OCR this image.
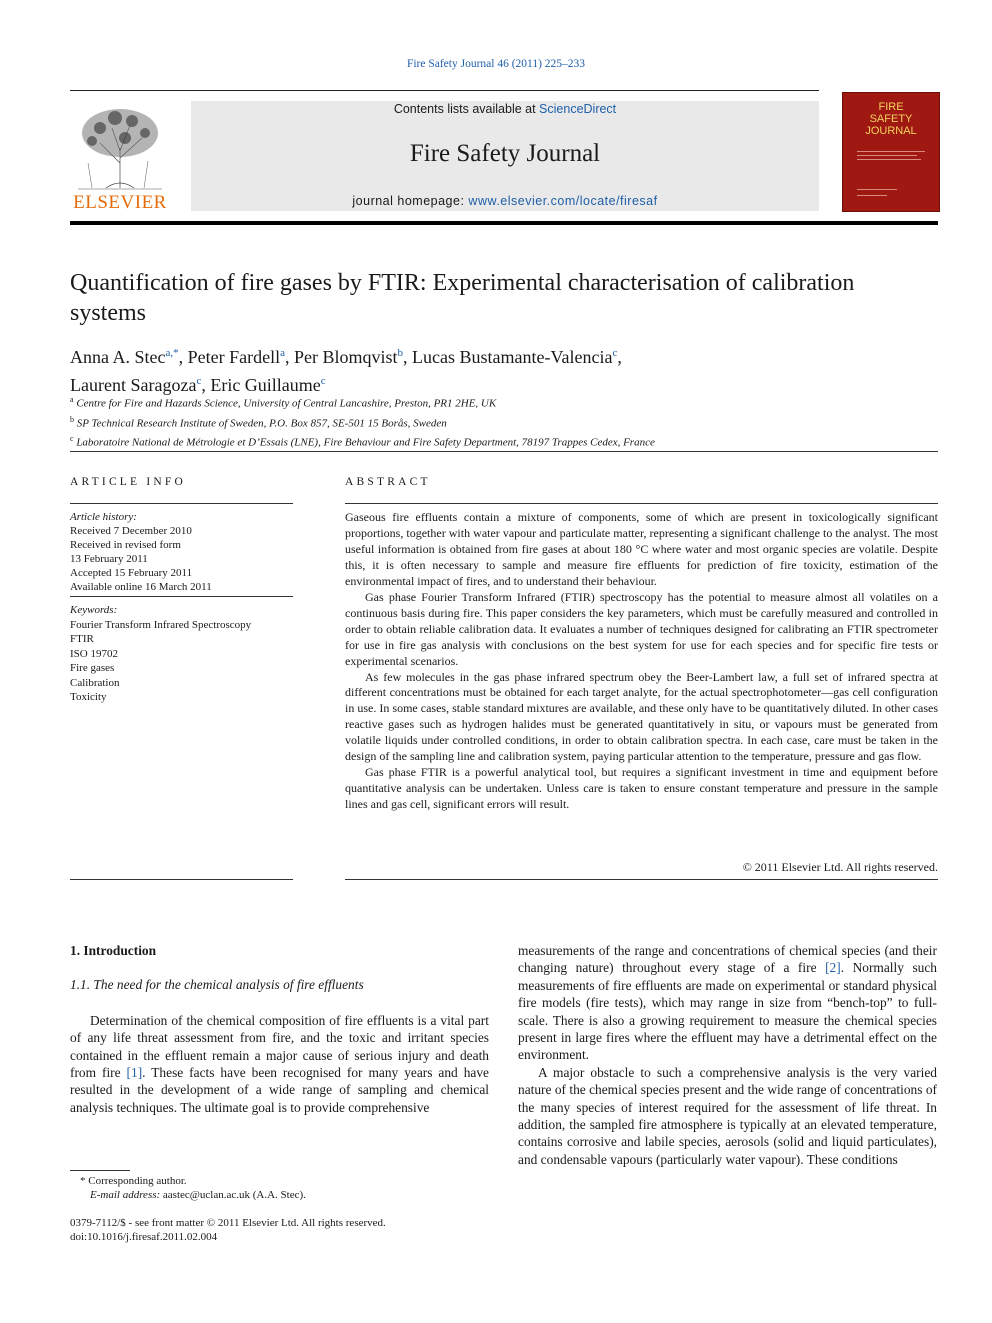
Fire Safety Journal 46 (2011) 225–233
Contents lists available at ScienceDirect
Fire Safety Journal
journal homepage: www.elsevier.com/locate/firesaf
ELSEVIER
FIRE SAFETY JOURNAL
Quantification of fire gases by FTIR: Experimental characterisation of calibration systems
Anna A. Stec$^{a,*}$, Peter Fardell$^a$, Per Blomqvist$^b$, Lucas Bustamante-Valencia$^c$,
Laurent Saragoza$^c$, Eric Guillaume$^c$
$^a$ Centre for Fire and Hazards Science, University of Central Lancashire, Preston, PR1 2HE, UK
$^b$ SP Technical Research Institute of Sweden, P.O. Box 857, SE-501 15 Borås, Sweden
$^c$ Laboratoire National de Métrologie et D’Essais (LNE), Fire Behaviour and Fire Safety Department, 78197 Trappes Cedex, France
ARTICLE INFO
Article history:
Received 7 December 2010
Received in revised form
13 February 2011
Accepted 15 February 2011
Available online 16 March 2011
Keywords:
Fourier Transform Infrared Spectroscopy
FTIR
ISO 19702
Fire gases
Calibration
Toxicity
ABSTRACT

Gaseous fire effluents contain a mixture of components, some of which are present in toxicologically significant proportions, together with water vapour and particulate matter, representing a significant challenge to the analyst. The most useful information is obtained from fire gases at about 180 °C where water and most organic species are volatile. Despite this, it is often necessary to sample and measure fire effluents for prediction of fire toxicity, estimation of the environmental impact of fires, and to understand their behaviour.

Gas phase Fourier Transform Infrared (FTIR) spectroscopy has the potential to measure almost all volatiles on a continuous basis during fire. This paper considers the key parameters, which must be carefully measured and controlled in order to obtain reliable calibration data. It evaluates a number of techniques designed for calibrating an FTIR spectrometer for use in fire gas analysis with conclusions on the best system for use for each species and for specific fire tests or experimental scenarios.

As few molecules in the gas phase infrared spectrum obey the Beer-Lambert law, a full set of infrared spectra at different concentrations must be obtained for each target analyte, for the actual spectrophotometer—gas cell configuration in use. In some cases, stable standard mixtures are available, and these only have to be quantitatively diluted. In other cases reactive gases such as hydrogen halides must be generated quantitatively in situ, or vapours must be generated from volatile liquids under controlled conditions, in order to obtain calibration spectra. In each case, care must be taken in the design of the sampling line and calibration system, paying particular attention to the temperature, pressure and gas flow.

Gas phase FTIR is a powerful analytical tool, but requires a significant investment in time and equipment before quantitative analysis can be undertaken. Unless care is taken to ensure constant temperature and pressure in the sample lines and gas cell, significant errors will result.

© 2011 Elsevier Ltd. All rights reserved.
1. Introduction
1.1. The need for the chemical analysis of fire effluents

Determination of the chemical composition of fire effluents is a vital part of any life threat assessment from fire, and the toxic and irritant species contained in the effluent remain a major cause of serious injury and death from fire [1]. These facts have been recognised for many years and have resulted in the development of a wide range of sampling and chemical analysis techniques. The ultimate goal is to provide comprehensive

measurements of the range and concentrations of chemical species (and their changing nature) throughout every stage of a fire [2]. Normally such measurements of fire effluents are made on experimental or standard physical fire models (fire tests), which may range in size from “bench-top” to full-scale. There is also a growing requirement to measure the chemical species present in large fires where the effluent may have a detrimental effect on the environment.

A major obstacle to such a comprehensive analysis is the very varied nature of the chemical species present and the wide range of concentrations of the many species of interest required for the assessment of life threat. In addition, the sampled fire atmosphere is typically at an elevated temperature, contains corrosive and labile species, aerosols (solid and liquid particulates), and condensable vapours (particularly water vapour). These conditions

* Corresponding author.
E-mail address: aastec@uclan.ac.uk (A.A. Stec).
0379-7112/$ - see front matter © 2011 Elsevier Ltd. All rights reserved.
doi:10.1016/j.firesaf.2011.02.004
